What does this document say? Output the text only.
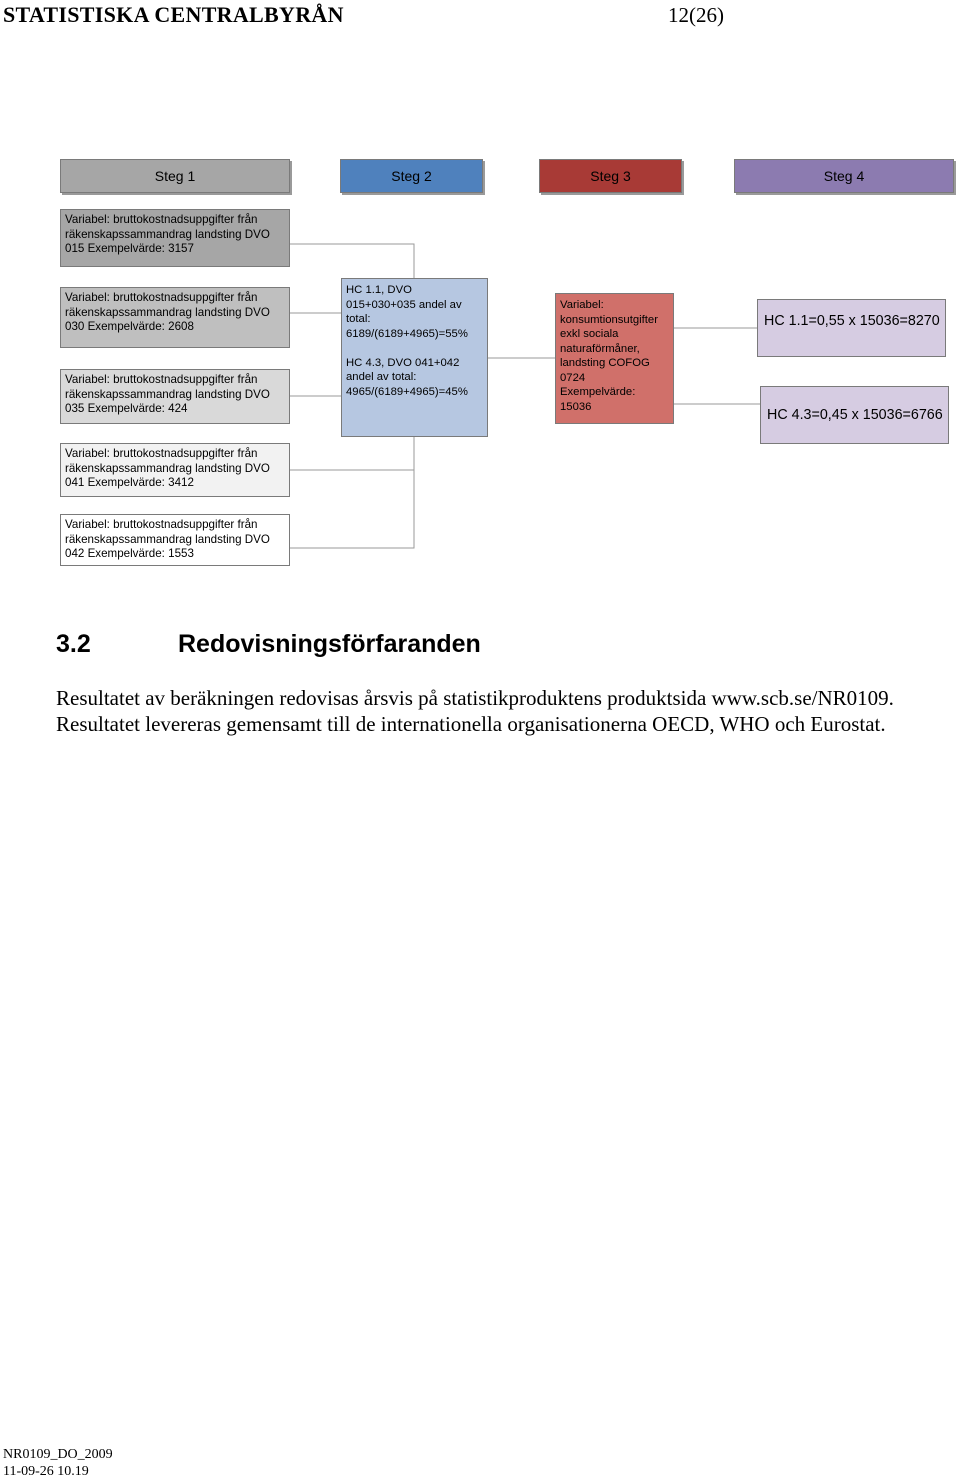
STATISTISKA CENTRALBYRÅN	12(26)
Steg 1	Steg 2	Steg 3	Steg 4
Variabel: bruttokostnadsuppgifter från
räkenskapssammandrag landsting DVO
015 Exempelvärde: 3157
Variabel: bruttokostnadsuppgifter från
räkenskapssammandrag landsting DVO
030 Exempelvärde: 2608
Variabel: bruttokostnadsuppgifter från
räkenskapssammandrag landsting DVO
035 Exempelvärde: 424
Variabel: bruttokostnadsuppgifter från
räkenskapssammandrag landsting DVO
041 Exempelvärde: 3412
Variabel: bruttokostnadsuppgifter från
räkenskapssammandrag landsting DVO
042 Exempelvärde: 1553
HC 1.1, DVO
015+030+035 andel av
total:
6189/(6189+4965)=55%

HC 4.3, DVO 041+042
andel av total:
4965/(6189+4965)=45%
Variabel:
konsumtionsutgifter
exkl sociala
naturaförmåner,
landsting COFOG
0724
Exempelvärde:
15036
HC 1.1=0,55 x 15036=8270
HC 4.3=0,45 x 15036=6766
3.2	Redovisningsförfaranden

Resultatet av beräkningen redovisas årsvis på statistikproduktens produktsida www.scb.se/NR0109. Resultatet levereras gemensamt till de internationella organisationerna OECD, WHO och Eurostat.

NR0109_DO_2009
11-09-26 10.19
